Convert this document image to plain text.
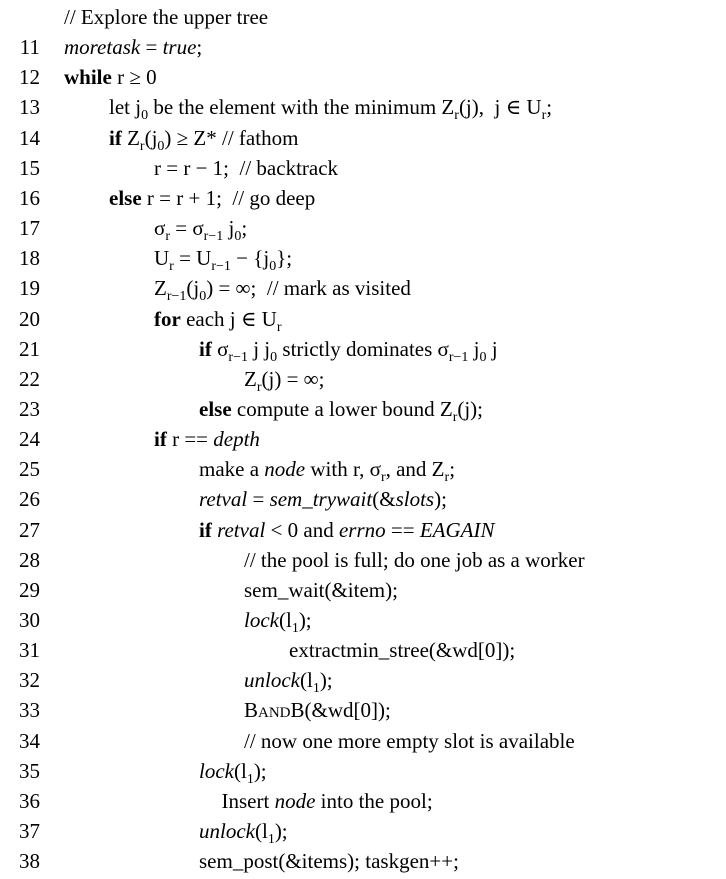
// Explore the upper tree
11 moretask = true;
12 while r ≥ 0
13	let $j_0$ be the element with the minimum $Z_r(j)$,  j ∈ $U_r$;
14	if $Z_r(j_0) \ge Z*$ // fathom
15	r = r − 1;  // backtrack
16	else r = r + 1;  // go deep
17	$\sigma_r = \sigma_{r-1}$ $j_0$;
18	$U_r = U_{r-1} - \{j_0\}$;
19	$Z_{r-1}(j_0)$ = ∞;  // mark as visited
20	for each j ∈ $U_r$
21	if $\sigma_{r-1}$ j $j_0$ strictly dominates $\sigma_{r-1}$ $j_0$ j
22	$Z_r(j)$ = ∞;
23	else compute a lower bound $Z_r(j)$;
24	if r == depth
25	make a node with r, $\sigma_r$, and $Z_r$;
26	retval = sem_trywait(&slots);
27	if retval < 0 and errno == EAGAIN
28	// the pool is full; do one job as a worker
29	sem_wait(&item);
30	$lock(l_1)$;
31	extractmin_stree(&wd[0]);
32	$unlock(l_1)$;
33	BandB(&wd[0]);
34	// now one more empty slot is available
35	$lock(l_1)$;
36	Insert node into the pool;
37	$unlock(l_1)$;
38	sem_post(&items); taskgen++;
